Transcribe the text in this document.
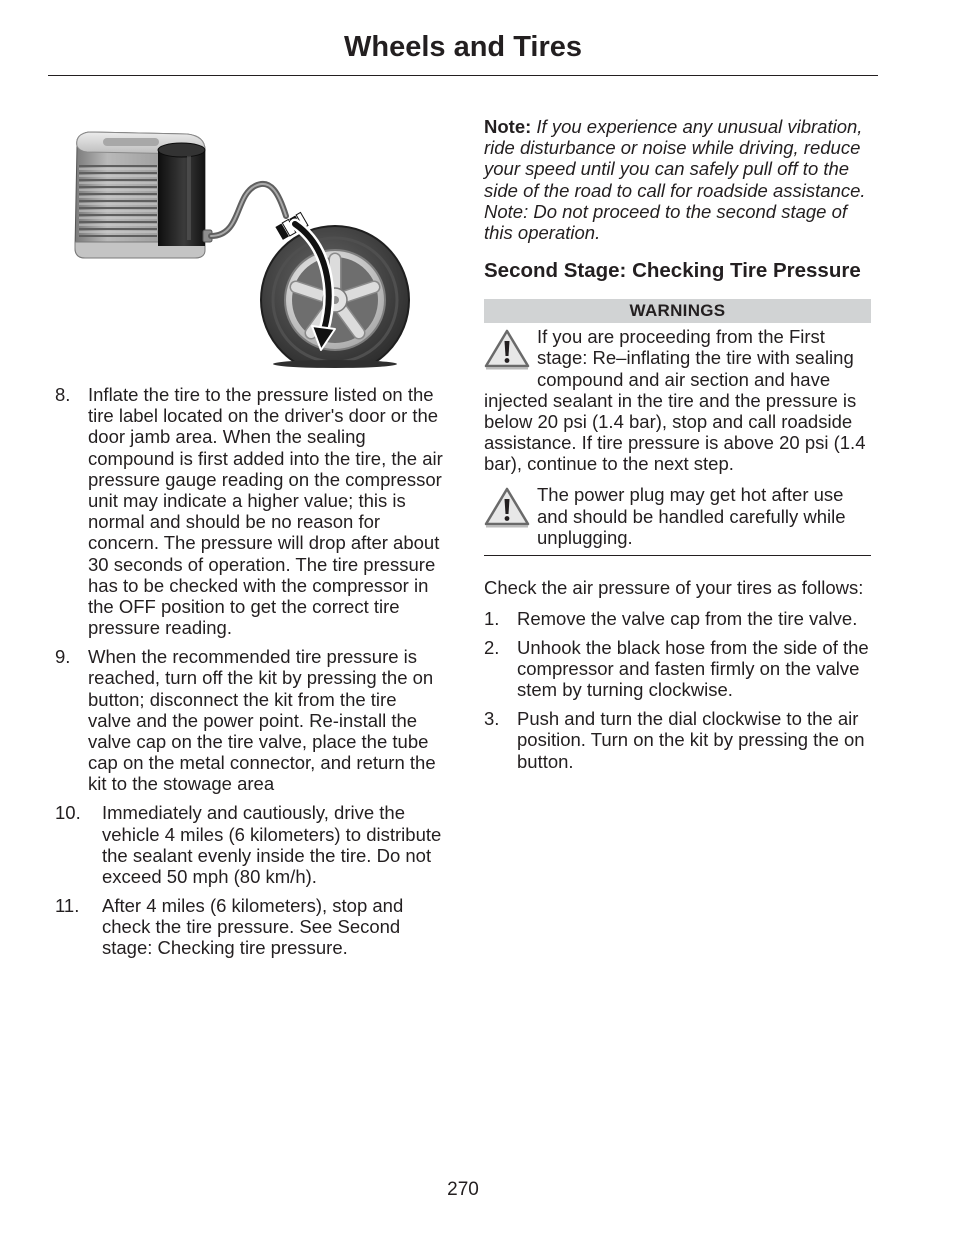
Wheels and Tires
8. Inflate the tire to the pressure listed on the tire label located on the driver's door or the door jamb area. When the sealing compound is first added into the tire, the air pressure gauge reading on the compressor unit may indicate a higher value; this is normal and should be no reason for concern. The pressure will drop after about 30 seconds of operation. The tire pressure has to be checked with the compressor in the OFF position to get the correct tire pressure reading.
9. When the recommended tire pressure is reached, turn off the kit by pressing the on button; disconnect the kit from the tire valve and the power point. Re-install the valve cap on the tire valve, place the tube cap on the metal connector, and return the kit to the stowage area
10.	Immediately and cautiously, drive the vehicle 4 miles (6 kilometers) to distribute the sealant evenly inside the tire. Do not exceed 50 mph (80 km/h).
11.	After 4 miles (6 kilometers), stop and check the tire pressure. See Second stage: Checking tire pressure.

Note: If you experience any unusual vibration, ride disturbance or noise while driving, reduce your speed until you can safely pull off to the side of the road to call for roadside assistance. Note: Do not proceed to the second stage of this operation.

Second Stage: Checking Tire Pressure
WARNINGS
If you are proceeding from the First stage: Re–inflating the tire with sealing compound and air section and have injected sealant in the tire and the pressure is below 20 psi (1.4 bar), stop and call roadside assistance. If tire pressure is above 20 psi (1.4 bar), continue to the next step.
The power plug may get hot after use and should be handled carefully while unplugging.

Check the air pressure of your tires as follows:

1. Remove the valve cap from the tire valve.
2. Unhook the black hose from the side of the compressor and fasten firmly on the valve stem by turning clockwise.
3. Push and turn the dial clockwise to the air position. Turn on the kit by pressing the on button.
270
